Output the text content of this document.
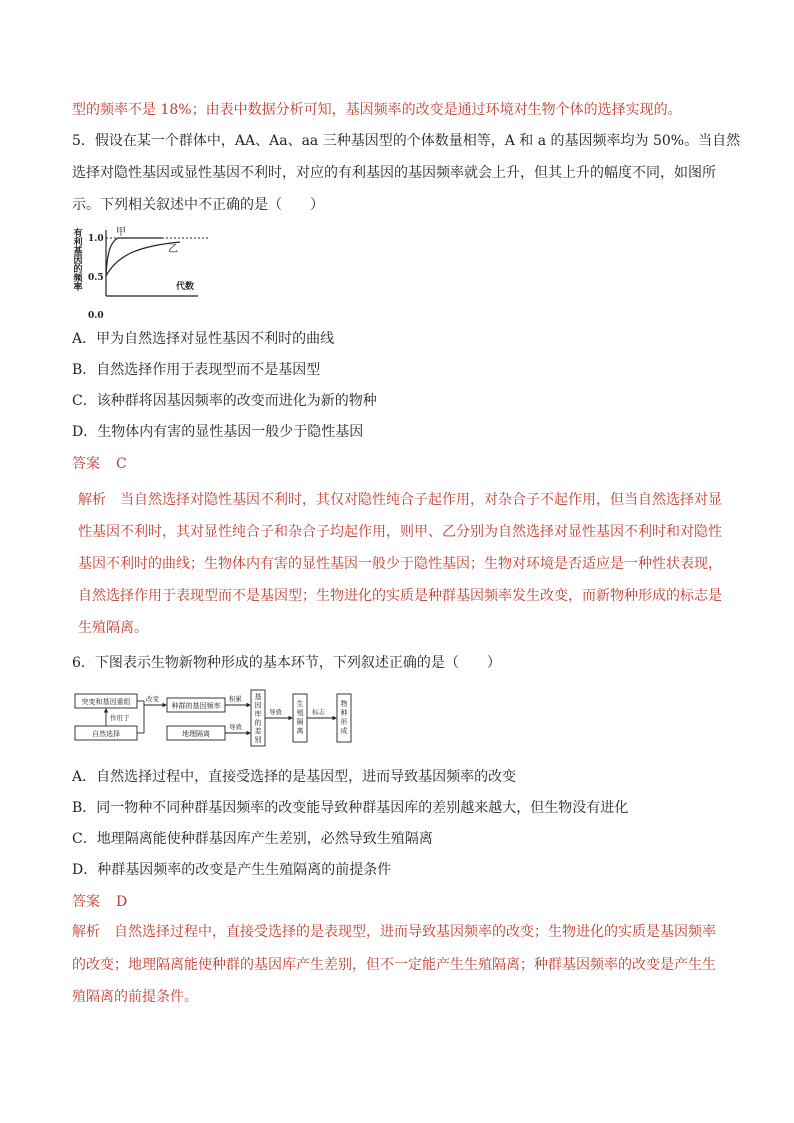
型的频率不是 18%；由表中数据分析可知，基因频率的改变是通过环境对生物个体的选择实现的。
5．假设在某一个群体中，AA、Aa、aa 三种基因型的个体数量相等，A 和 a 的基因频率均为 50%。当自然
选择对隐性基因或显性基因不利时，对应的有利基因的基因频率就会上升，但其上升的幅度不同，如图所
示。下列相关叙述中不正确的是（　　）
有
利
基
因
的
频
率
1.0
0.5
0.0
甲
乙
代数
A．甲为自然选择对显性基因不利时的曲线
B．自然选择作用于表现型而不是基因型
C．该种群将因基因频率的改变而进化为新的物种
D．生物体内有害的显性基因一般少于隐性基因
答案 C
解析　当自然选择对隐性基因不利时，其仅对隐性纯合子起作用，对杂合子不起作用，但当自然选择对显
性基因不利时，其对显性纯合子和杂合子均起作用，则甲、乙分别为自然选择对显性基因不利时和对隐性
基因不利时的曲线；生物体内有害的显性基因一般少于隐性基因；生物对环境是否适应是一种性状表现，
自然选择作用于表现型而不是基因型；生物进化的实质是种群基因频率发生改变，而新物种形成的标志是
生殖隔离。
6．下图表示生物新物种形成的基本环节，下列叙述正确的是（　　）
突变和基因重组
自然选择
作用于
改变
种群的基因频率
地理隔离
积累
导致
基
因
库
的
差
别
导致
生
殖
隔
离
标志
物
种
形
成
A．自然选择过程中，直接受选择的是基因型，进而导致基因频率的改变
B．同一物种不同种群基因频率的改变能导致种群基因库的差别越来越大，但生物没有进化
C．地理隔离能使种群基因库产生差别，必然导致生殖隔离
D．种群基因频率的改变是产生生殖隔离的前提条件
答案 D
解析　自然选择过程中，直接受选择的是表现型，进而导致基因频率的改变；生物进化的实质是基因频率
的改变；地理隔离能使种群的基因库产生差别，但不一定能产生生殖隔离；种群基因频率的改变是产生生
殖隔离的前提条件。
